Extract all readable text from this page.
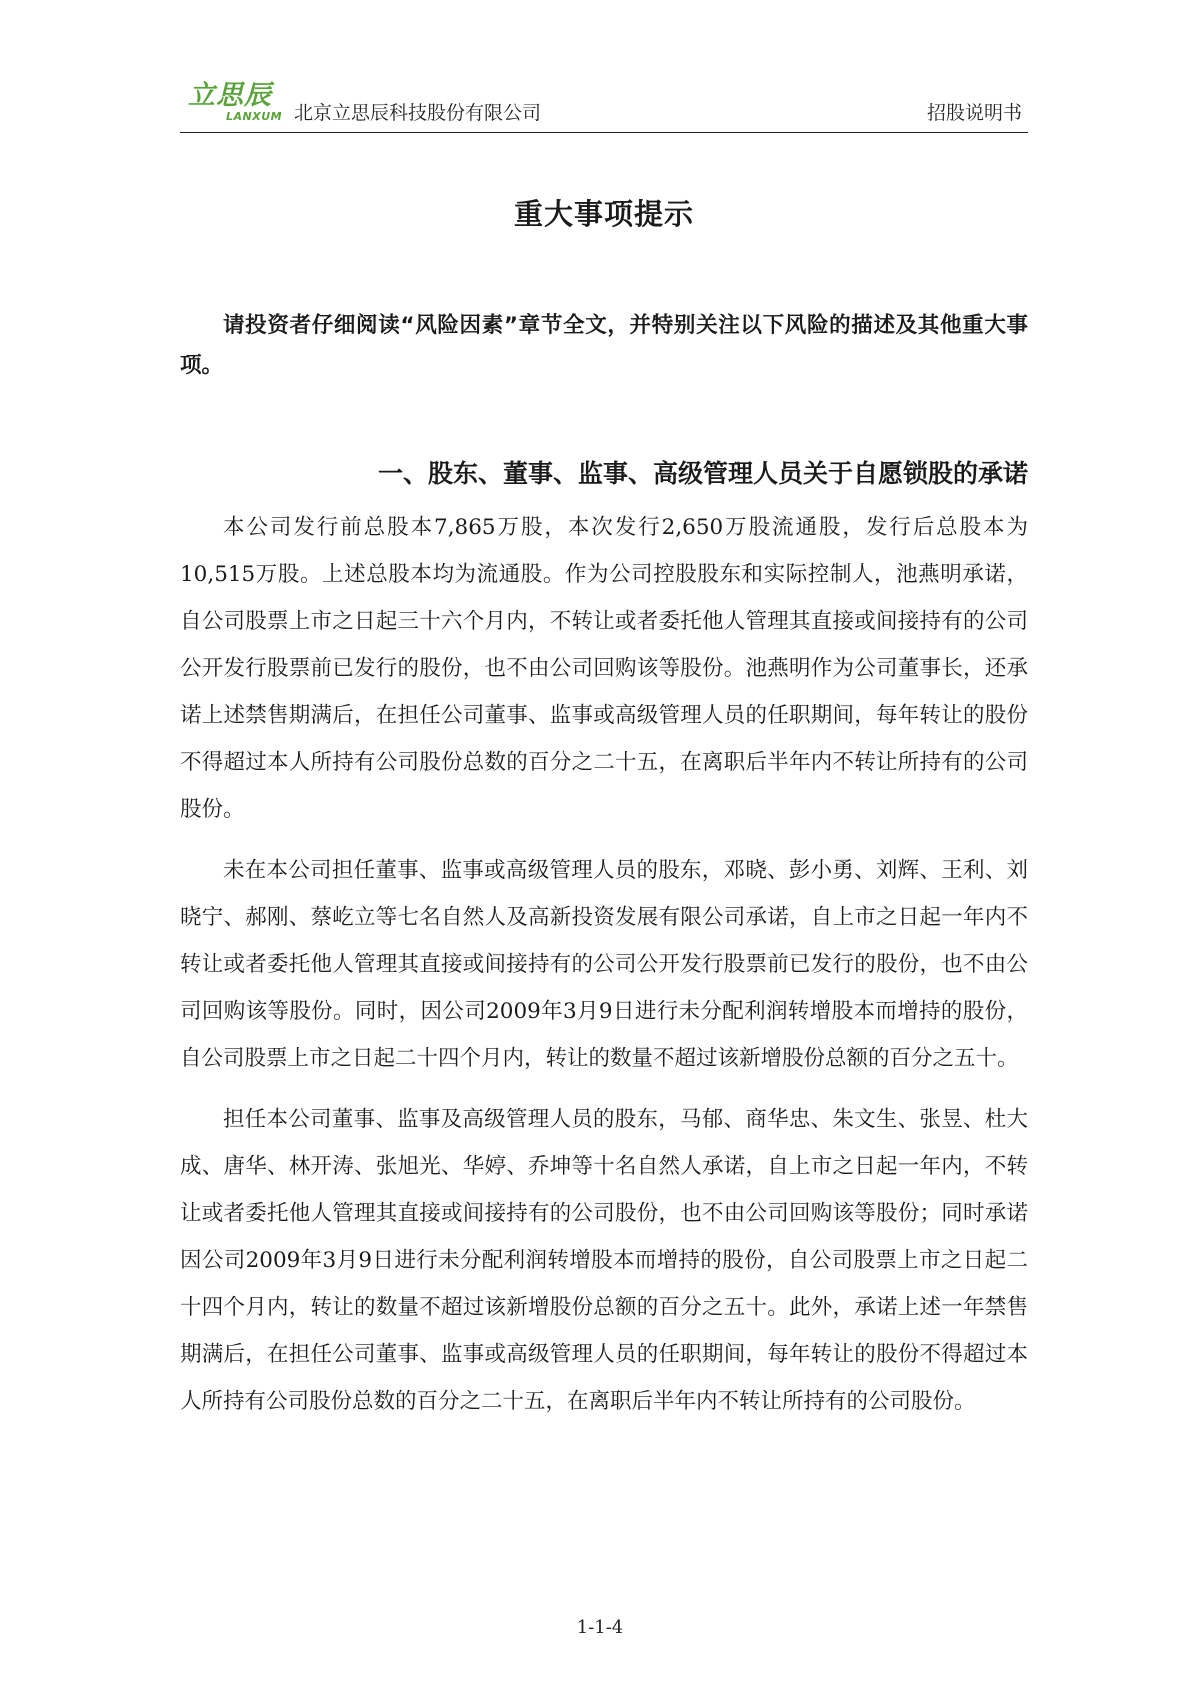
立思辰
LANXUM 北京立思辰科技股份有限公司	招股说明书
重大事项提示

请投资者仔细阅读“风险因素”章节全文，并特别关注以下风险的描述及其他重大事项。

一、股东、董事、监事、高级管理人员关于自愿锁股的承诺

本公司发行前总股本7,865万股，本次发行2,650万股流通股，发行后总股本为10,515万股。上述总股本均为流通股。作为公司控股股东和实际控制人，池燕明承诺，自公司股票上市之日起三十六个月内，不转让或者委托他人管理其直接或间接持有的公司公开发行股票前已发行的股份，也不由公司回购该等股份。池燕明作为公司董事长，还承诺上述禁售期满后，在担任公司董事、监事或高级管理人员的任职期间，每年转让的股份不得超过本人所持有公司股份总数的百分之二十五，在离职后半年内不转让所持有的公司股份。

未在本公司担任董事、监事或高级管理人员的股东，邓晓、彭小勇、刘辉、王利、刘晓宁、郝刚、蔡屹立等七名自然人及高新投资发展有限公司承诺，自上市之日起一年内不转让或者委托他人管理其直接或间接持有的公司公开发行股票前已发行的股份，也不由公司回购该等股份。同时，因公司2009年3月9日进行未分配利润转增股本而增持的股份，自公司股票上市之日起二十四个月内，转让的数量不超过该新增股份总额的百分之五十。

担任本公司董事、监事及高级管理人员的股东，马郁、商华忠、朱文生、张昱、杜大成、唐华、林开涛、张旭光、华婷、乔坤等十名自然人承诺，自上市之日起一年内，不转让或者委托他人管理其直接或间接持有的公司股份，也不由公司回购该等股份；同时承诺因公司2009年3月9日进行未分配利润转增股本而增持的股份，自公司股票上市之日起二十四个月内，转让的数量不超过该新增股份总额的百分之五十。此外，承诺上述一年禁售期满后，在担任公司董事、监事或高级管理人员的任职期间，每年转让的股份不得超过本人所持有公司股份总数的百分之二十五，在离职后半年内不转让所持有的公司股份。

1-1-4
